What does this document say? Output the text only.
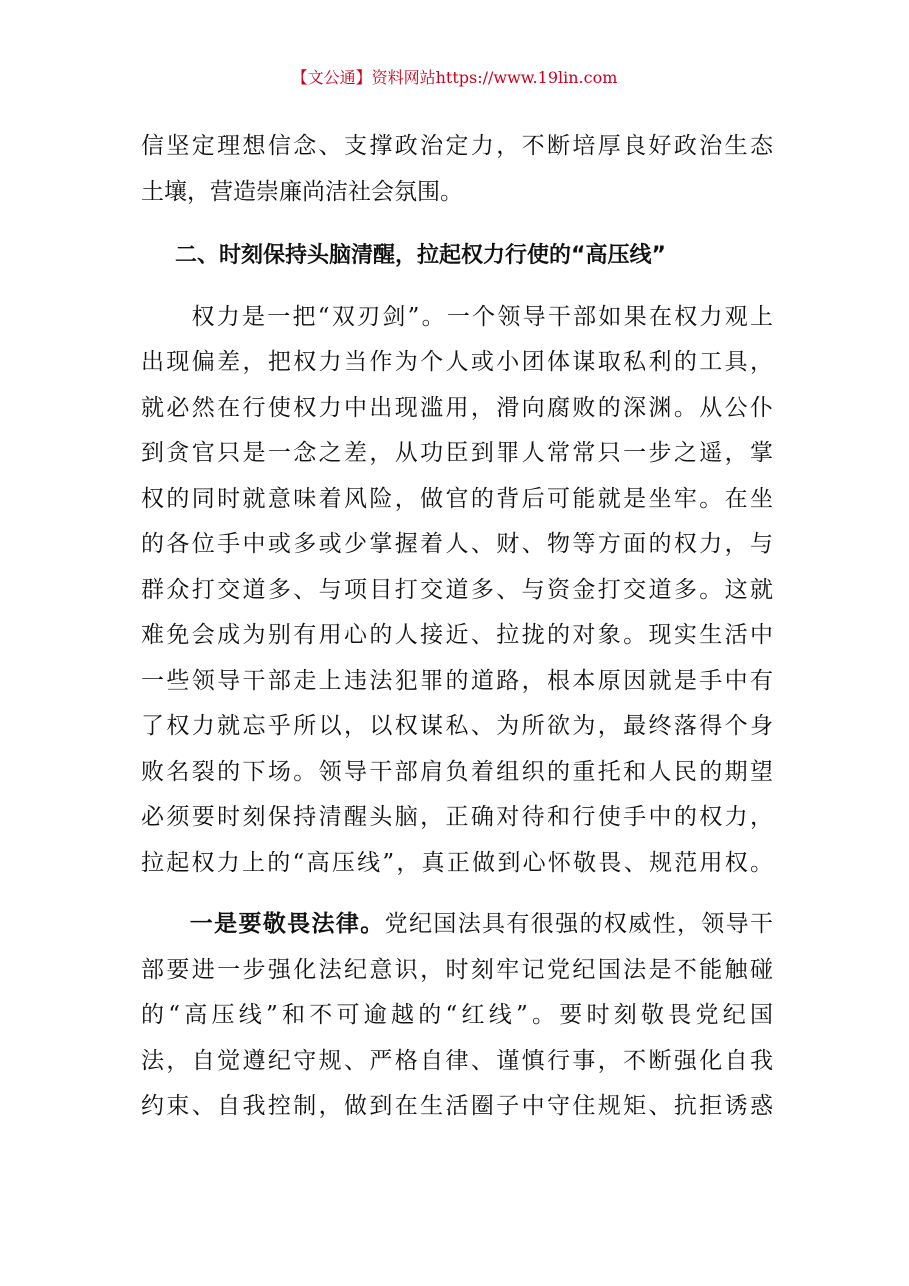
【文公通】资料网站https://www.19lin.com
信坚定理想信念、支撑政治定力，不断培厚良好政治生态
土壤，营造崇廉尚洁社会氛围。
二、时刻保持头脑清醒，拉起权力行使的“高压线”
　　权力是一把“双刃剑”。一个领导干部如果在权力观上
出现偏差，把权力当作为个人或小团体谋取私利的工具，
就必然在行使权力中出现滥用，滑向腐败的深渊。从公仆
到贪官只是一念之差，从功臣到罪人常常只一步之遥，掌
权的同时就意味着风险，做官的背后可能就是坐牢。在坐
的各位手中或多或少掌握着人、财、物等方面的权力，与
群众打交道多、与项目打交道多、与资金打交道多。这就
难免会成为别有用心的人接近、拉拢的对象。现实生活中
一些领导干部走上违法犯罪的道路，根本原因就是手中有
了权力就忘乎所以，以权谋私、为所欲为，最终落得个身
败名裂的下场。领导干部肩负着组织的重托和人民的期望
必须要时刻保持清醒头脑，正确对待和行使手中的权力，
拉起权力上的“高压线”，真正做到心怀敬畏、规范用权。
　　一是要敬畏法律。党纪国法具有很强的权威性，领导干
部要进一步强化法纪意识，时刻牢记党纪国法是不能触碰
的“高压线”和不可逾越的“红线”。要时刻敬畏党纪国
法，自觉遵纪守规、严格自律、谨慎行事，不断强化自我
约束、自我控制，做到在生活圈子中守住规矩、抗拒诱惑
